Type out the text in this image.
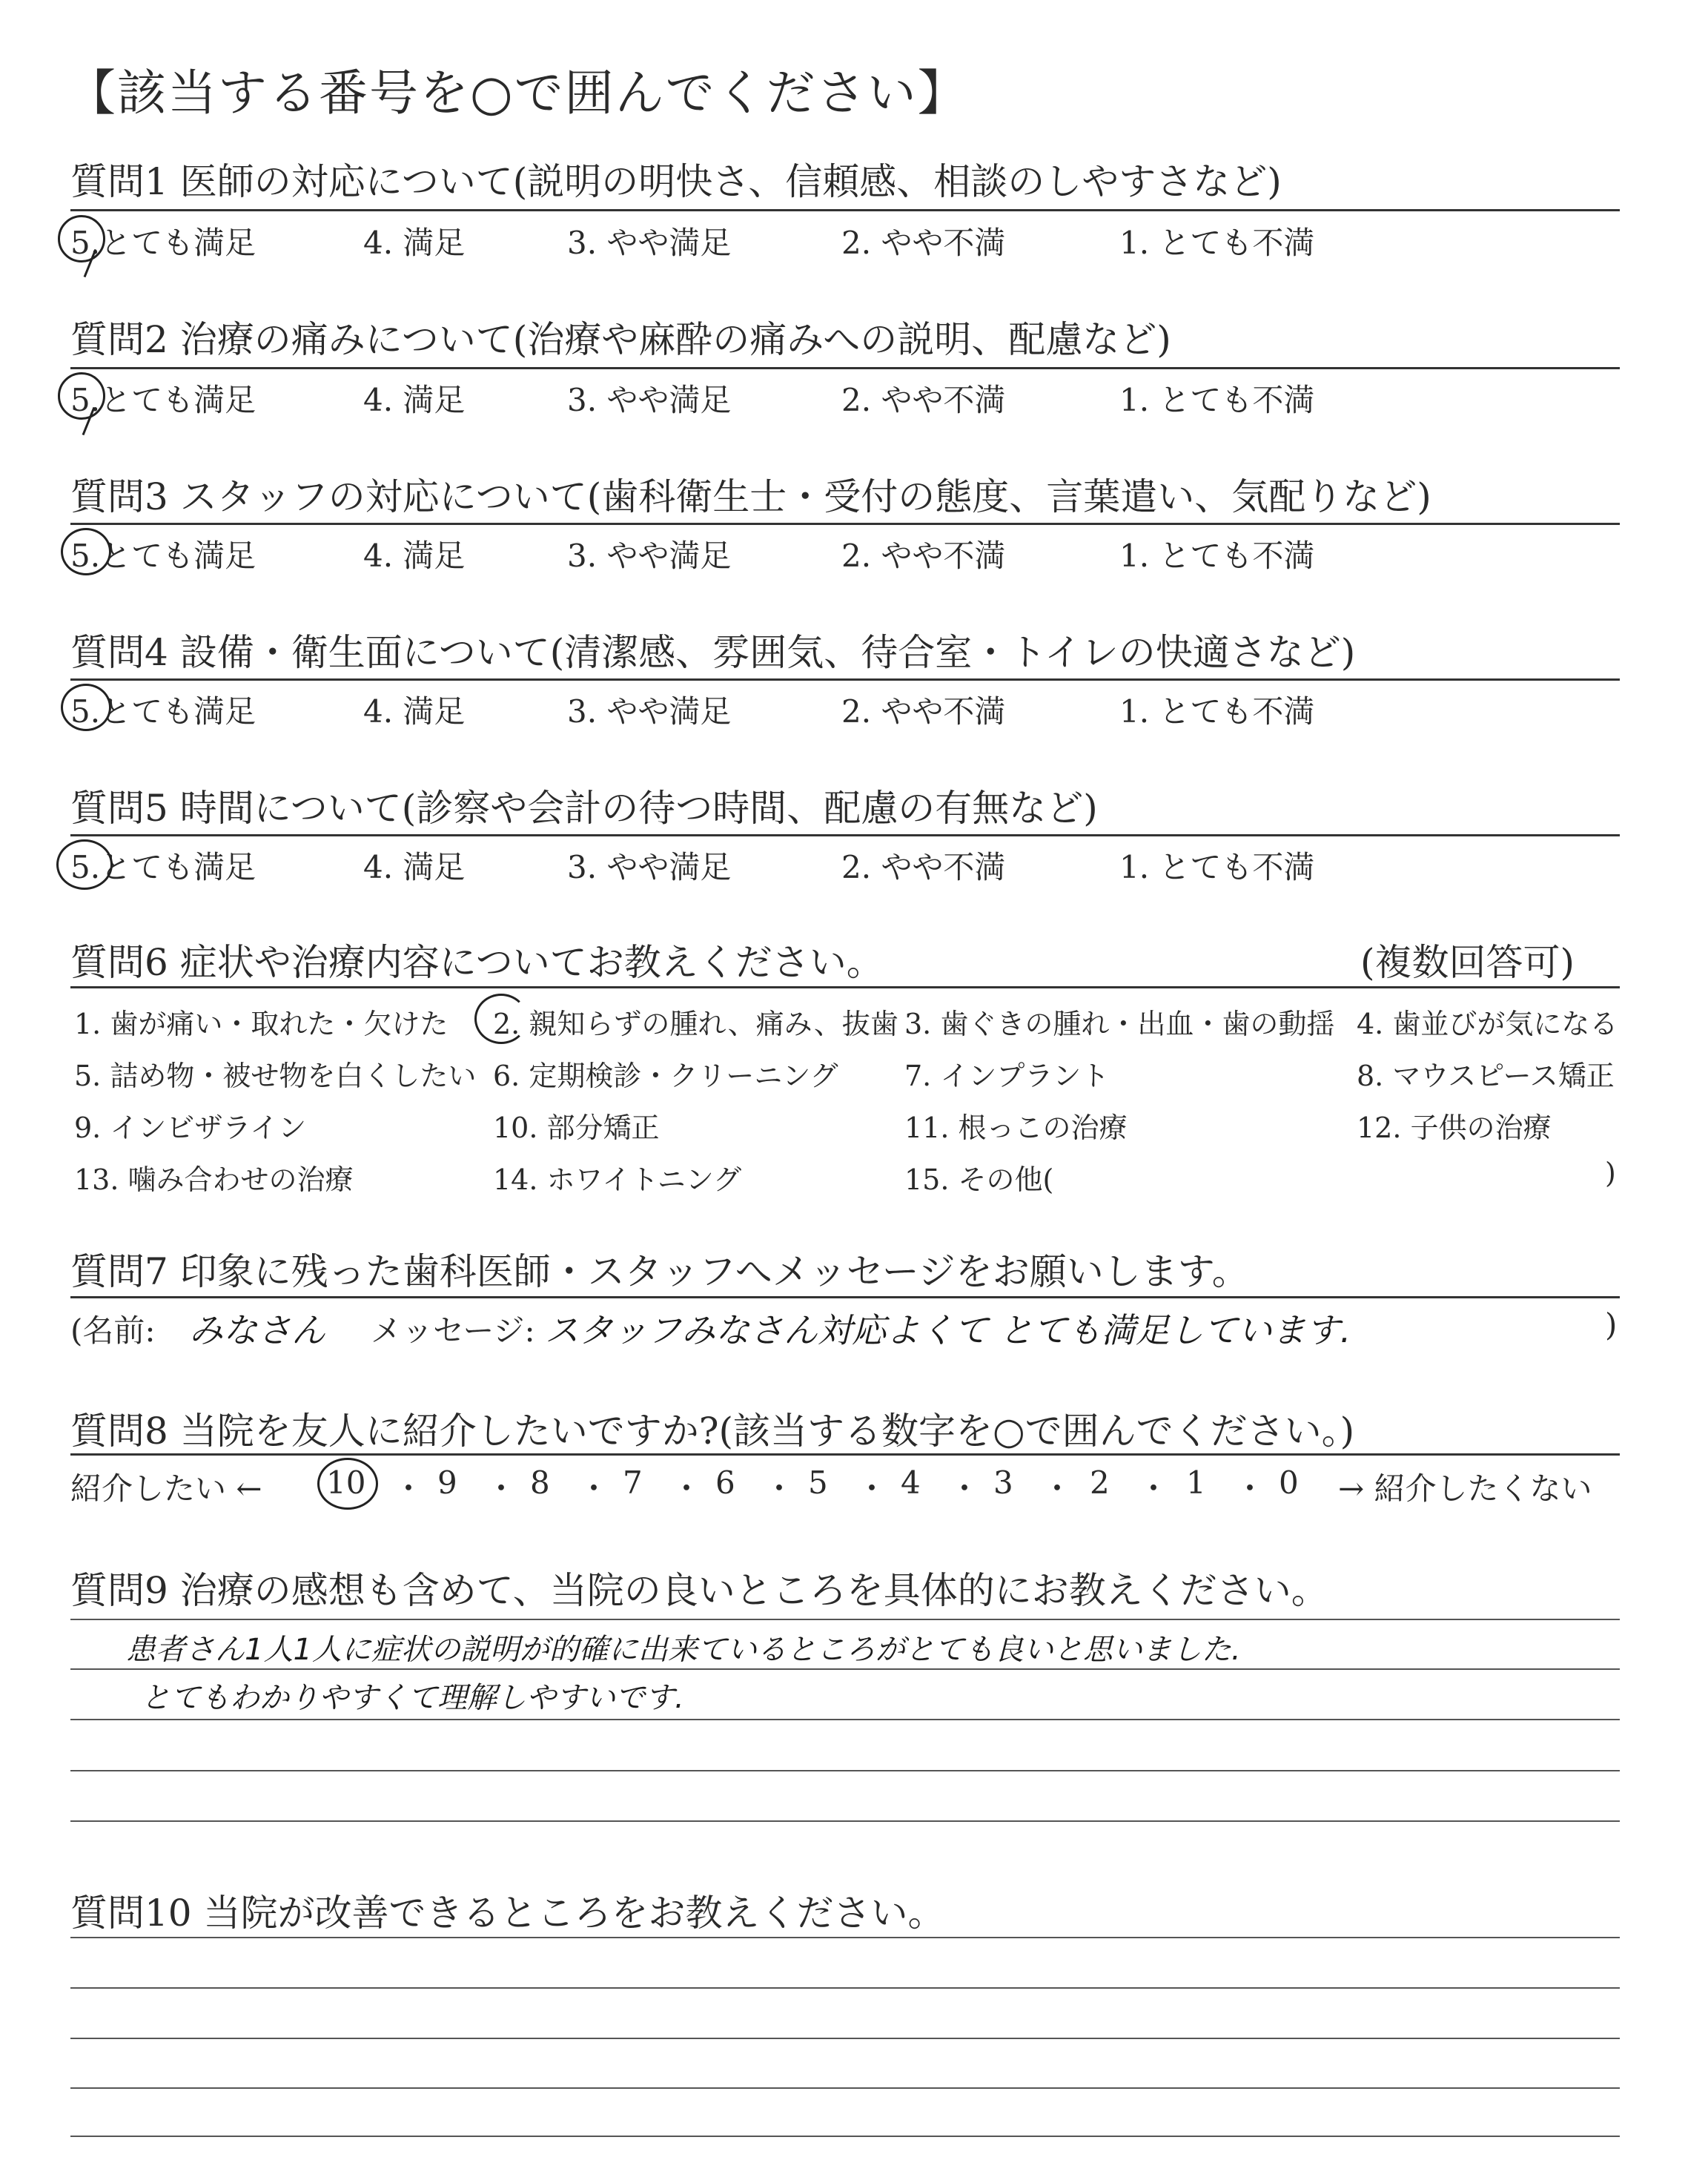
【該当する番号を○で囲んでください】
質問1 医師の対応について(説明の明快さ、信頼感、相談のしやすさなど)
5.とても満足	4. 満足	3. やや満足	2. やや不満	1. とても不満
質問2 治療の痛みについて(治療や麻酔の痛みへの説明、配慮など)
5.とても満足	4. 満足	3. やや満足	2. やや不満	1. とても不満
質問3 スタッフの対応について(歯科衛生士・受付の態度、言葉遣い、気配りなど)
5.とても満足	4. 満足	3. やや満足	2. やや不満	1. とても不満
質問4 設備・衛生面について(清潔感、雰囲気、待合室・トイレの快適さなど)
5.とても満足	4. 満足	3. やや満足	2. やや不満	1. とても不満
質問5 時間について(診察や会計の待つ時間、配慮の有無など)
5.とても満足	4. 満足	3. やや満足	2. やや不満	1. とても不満
質問6 症状や治療内容についてお教えください。	(複数回答可)
1. 歯が痛い・取れた・欠けた 2. 親知らずの腫れ、痛み、抜歯 3. 歯ぐきの腫れ・出血・歯の動揺 4. 歯並びが気になる
5. 詰め物・被せ物を白くしたい 6. 定期検診・クリーニング 7. インプラント	8. マウスピース矯正
9. インビザライン	10. 部分矯正	11. 根っこの治療	12. 子供の治療
13. 噛み合わせの治療	14. ホワイトニング	15. その他(	)
質問7 印象に残った歯科医師・スタッフへメッセージをお願いします。
(名前: みなさん メッセージ: スタッフみなさん対応よくて とても満足しています.	)
質問8 当院を友人に紹介したいですか?(該当する数字を○で囲んでください。)
紹介したい ←	→ 紹介したくない
10 ・ 9 ・ 8 ・ 7 ・ 6 ・ 5 ・ 4 ・ 3 ・ 2 ・ 1 ・ 0
質問9 治療の感想も含めて、当院の良いところを具体的にお教えください。
患者さん1人1人に症状の説明が的確に出来ているところがとても良いと思いました.
とてもわかりやすくて理解しやすいです.
質問10 当院が改善できるところをお教えください。
